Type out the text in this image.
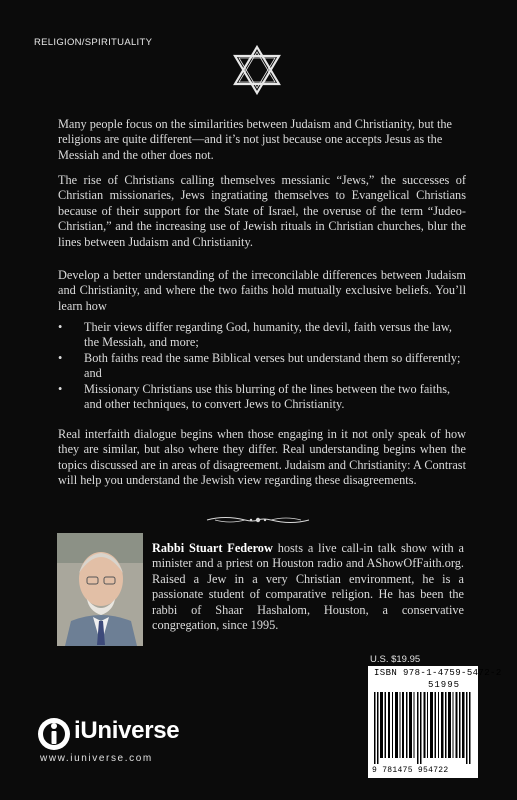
RELIGION/SPIRITUALITY
Many people focus on the similarities between Judaism and Christianity, but the religions are quite different—and it’s not just because one accepts Jesus as the Messiah and the other does not.
The rise of Christians calling themselves messianic “Jews,” the successes of Christian missionaries, Jews ingratiating themselves to Evangelical Christians because of their support for the State of Israel, the overuse of the term “Judeo-Christian,” and the increasing use of Jewish rituals in Christian churches, blur the lines between Judaism and Christianity.
Develop a better understanding of the irreconcilable differences between Judaism and Christianity, and where the two faiths hold mutually exclusive beliefs. You’ll learn how
•	Their views differ regarding God, humanity, the devil, faith versus the law, the Messiah, and more;
•	Both faiths read the same Biblical verses but understand them so differently; and
•	Missionary Christians use this blurring of the lines between the two faiths, and other techniques, to convert Jews to Christianity.
Real interfaith dialogue begins when those engaging in it not only speak of how they are similar, but also where they differ. Real understanding begins when the topics discussed are in areas of disagreement. Judaism and Christianity: A Contrast will help you understand the Jewish view regarding these disagreements.
Rabbi Stuart Federow hosts a live call-in talk show with a minister and a priest on Houston radio and AShowOfFaith.org. Raised a Jew in a very Christian environment, he is a passionate student of comparative religion. He has been the rabbi of Shaar Hashalom, Houston, a conservative congregation, since 1995.
U.S. $19.95
ISBN 978-1-4759-5472-2
51995
9 781475 954722
iUniverse
www.iuniverse.com
